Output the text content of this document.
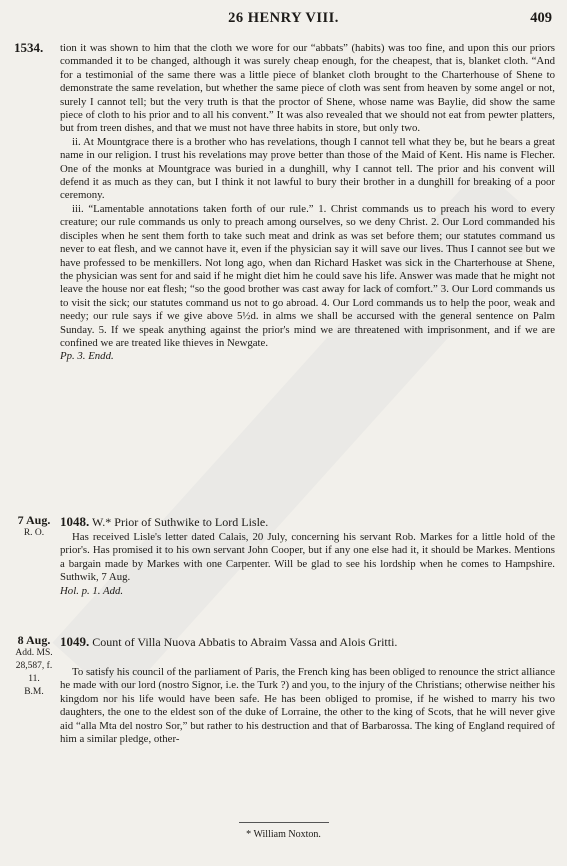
26 HENRY VIII.	409
1534. tion it was shown to him that the cloth we wore for our “abbats” (habits) was too fine, and upon this our priors commanded it to be changed, although it was surely cheap enough, for the cheapest, that is, blanket cloth. “And for a testimonial of the same there was a little piece of blanket cloth brought to the Charterhouse of Shene to demonstrate the same revelation, but whether the same piece of cloth was sent from heaven by some angel or not, surely I cannot tell; but the very truth is that the proctor of Shene, whose name was Baylie, did show the same piece of cloth to his prior and to all his convent.” It was also revealed that we should not eat from pewter platters, but from treen dishes, and that we must not have three habits in store, but only two.

ii. At Mountgrace there is a brother who has revelations, though I cannot tell what they be, but he bears a great name in our religion. I trust his revelations may prove better than those of the Maid of Kent. His name is Flecher. One of the monks at Mountgrace was buried in a dunghill, why I cannot tell. The prior and his convent will defend it as much as they can, but I think it not lawful to bury their brother in a dunghill for breaking of a poor ceremony.

iii. “Lamentable annotations taken forth of our rule.” 1. Christ commands us to preach his word to every creature; our rule commands us only to preach among ourselves, so we deny Christ. 2. Our Lord commanded his disciples when he sent them forth to take such meat and drink as was set before them; our statutes command us never to eat flesh, and we cannot have it, even if the physician say it will save our lives. Thus I cannot see but we have professed to be menkillers. Not long ago, when dan Richard Hasket was sick in the Charterhouse at Shene, the physician was sent for and said if he might diet him he could save his life. Answer was made that he might not leave the house nor eat flesh; “so the good brother was cast away for lack of comfort.” 3. Our Lord commands us to visit the sick; our statutes command us not to go abroad. 4. Our Lord commands us to help the poor, weak and needy; our rule says if we give above 5½d. in alms we shall be accursed with the general sentence on Palm Sunday. 5. If we speak anything against the prior's mind we are threatened with imprisonment, and if we are confined we are treated like thieves in Newgate.

Pp. 3. Endd.

7 Aug.
R. O.
1048. W.* Prior of Suthwike to Lord Lisle.

Has received Lisle's letter dated Calais, 20 July, concerning his servant Rob. Markes for a little hold of the prior's. Has promised it to his own servant John Cooper, but if any one else had it, it should be Markes. Mentions a bargain made by Markes with one Carpenter. Will be glad to see his lordship when he comes to Hampshire. Suthwik, 7 Aug.

Hol. p. 1. Add.

8 Aug.
Add. MS.
28,587, f. 11.
B.M.
1049. Count of Villa Nuova Abbatis to Abraim Vassa and Alois Gritti.

To satisfy his council of the parliament of Paris, the French king has been obliged to renounce the strict alliance he made with our lord (nostro Signor, i.e. the Turk ?) and you, to the injury of the Christians; otherwise neither his kingdom nor his life would have been safe. He has been obliged to promise, if he wished to marry his two daughters, the one to the eldest son of the duke of Lorraine, the other to the king of Scots, that he will never give aid “alla Mta del nostro Sor,” but rather to his destruction and that of Barbarossa. The king of England required of him a similar pledge, other-

* William Noxton.
